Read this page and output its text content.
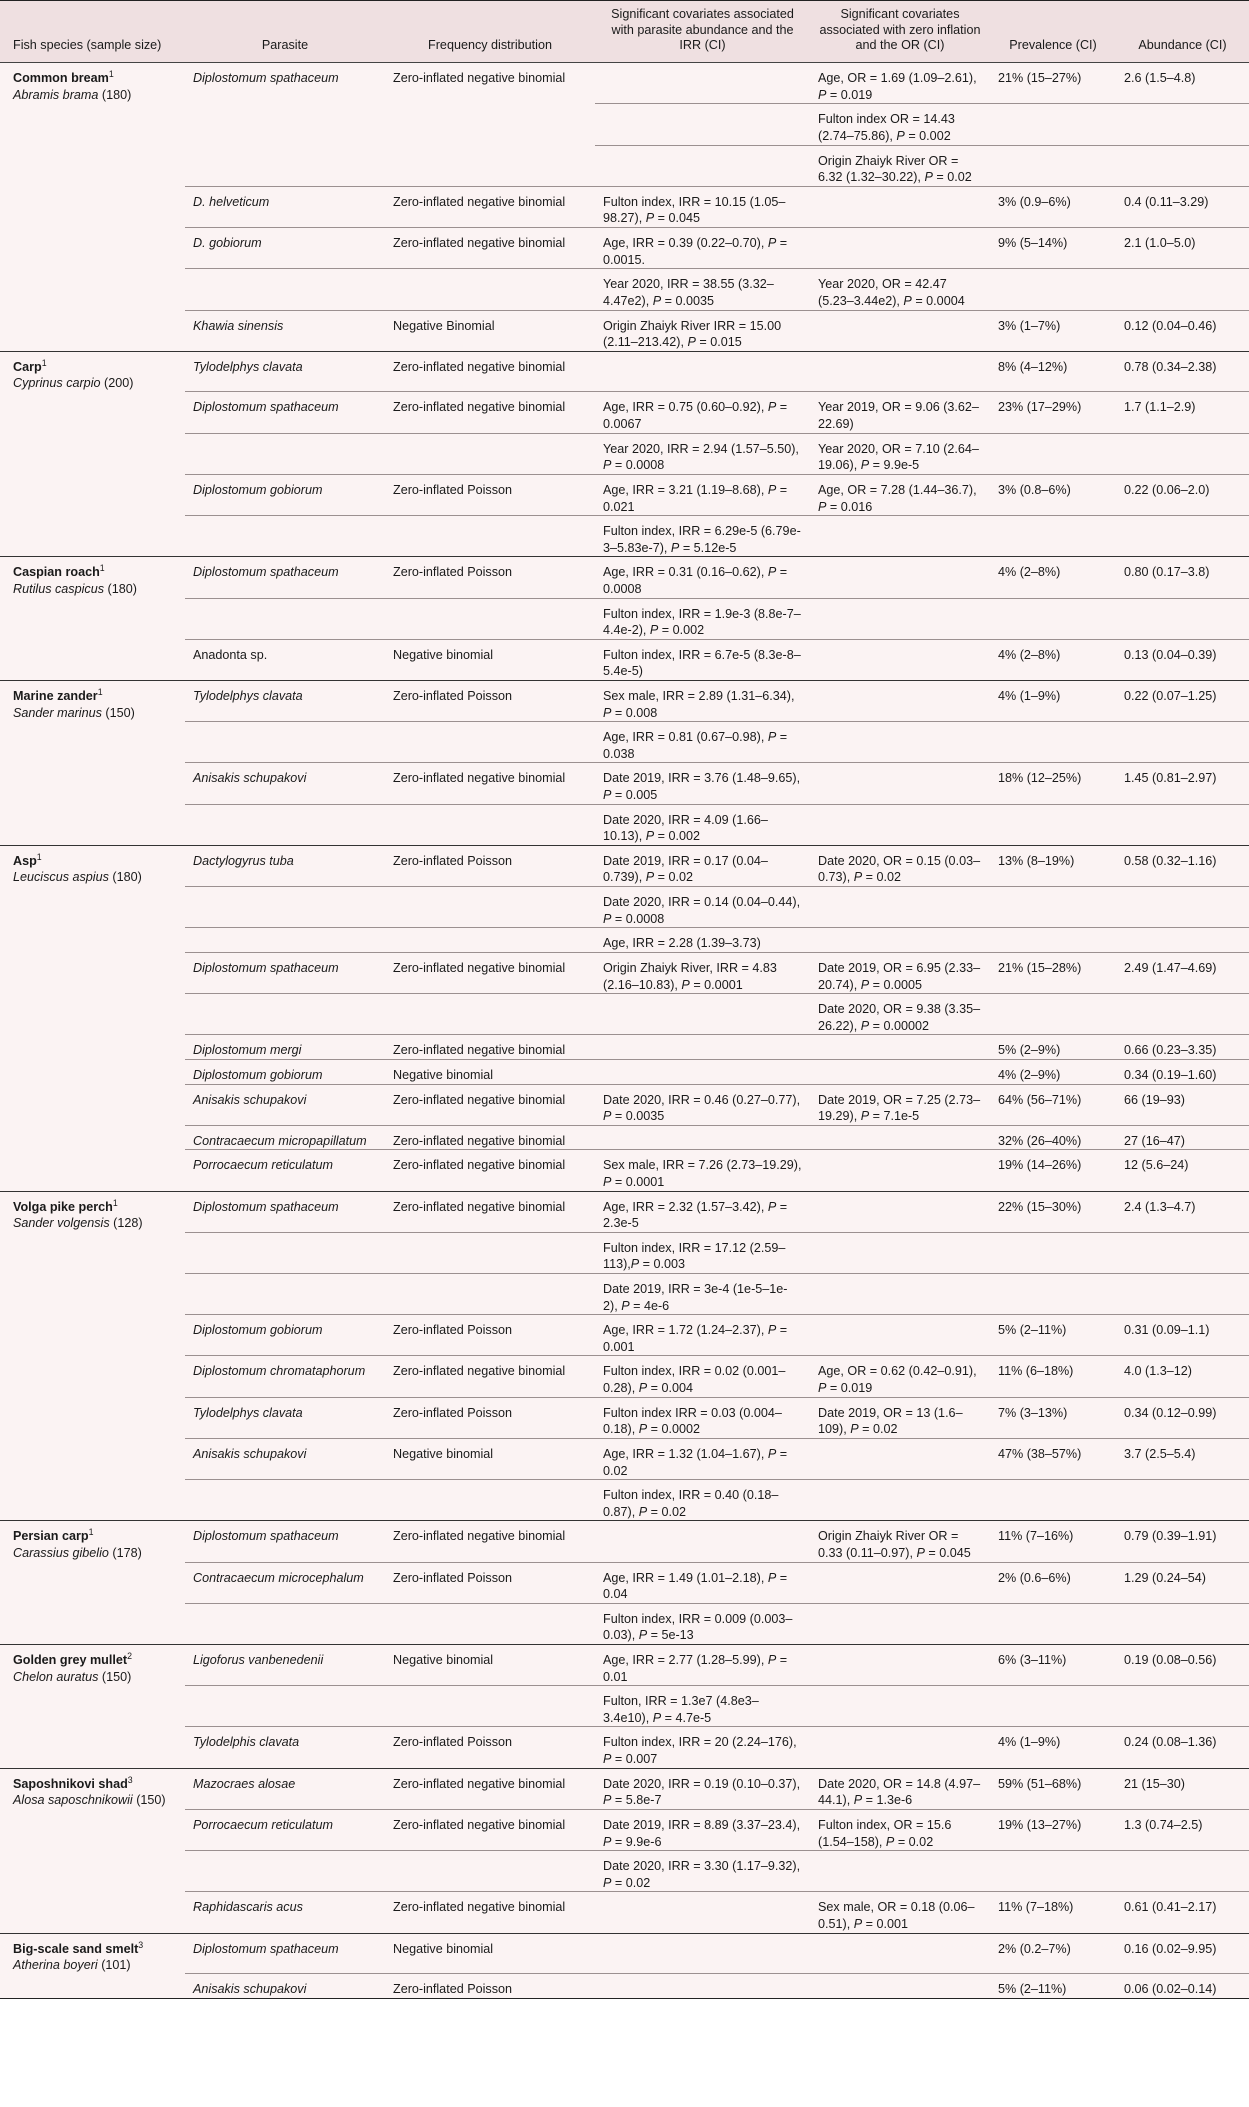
Fish species (sample size)	Parasite	Frequency distribution	Significant covariates associated with parasite abundance and the IRR (CI)	Significant covariates associated with zero inflation and the OR (CI)	Prevalence (CI)	Abundance (CI)
Common bream$^1$
Abramis brama (180)	Diplostomum spathaceum	Zero-inflated negative binomial		Age, OR = 1.69 (1.09–2.61), P = 0.019	21% (15–27%)	2.6 (1.5–4.8)
				Fulton index OR = 14.43 (2.74–75.86), P = 0.002		
				Origin Zhaiyk River OR = 6.32 (1.32–30.22), P = 0.02		
	D. helveticum	Zero-inflated negative binomial	Fulton index, IRR = 10.15 (1.05–98.27), P = 0.045		3% (0.9–6%)	0.4 (0.11–3.29)
	D. gobiorum	Zero-inflated negative binomial	Age, IRR = 0.39 (0.22–0.70), P = 0.0015.		9% (5–14%)	2.1 (1.0–5.0)
			Year 2020, IRR = 38.55 (3.32–4.47e2), P = 0.0035	Year 2020, OR = 42.47 (5.23–3.44e2), P = 0.0004		
	Khawia sinensis	Negative Binomial	Origin Zhaiyk River IRR = 15.00 (2.11–213.42), P = 0.015		3% (1–7%)	0.12 (0.04–0.46)
Carp$^1$
Cyprinus carpio (200)	Tylodelphys clavata	Zero-inflated negative binomial			8% (4–12%)	0.78 (0.34–2.38)
	Diplostomum spathaceum	Zero-inflated negative binomial	Age, IRR = 0.75 (0.60–0.92), P = 0.0067	Year 2019, OR = 9.06 (3.62–22.69)	23% (17–29%)	1.7 (1.1–2.9)
			Year 2020, IRR = 2.94 (1.57–5.50), P = 0.0008	Year 2020, OR = 7.10 (2.64–19.06), P = 9.9e-5		
	Diplostomum gobiorum	Zero-inflated Poisson	Age, IRR = 3.21 (1.19–8.68), P = 0.021	Age, OR = 7.28 (1.44–36.7), P = 0.016	3% (0.8–6%)	0.22 (0.06–2.0)
			Fulton index, IRR = 6.29e-5 (6.79e-3–5.83e-7), P = 5.12e-5			
Caspian roach$^1$
Rutilus caspicus (180)	Diplostomum spathaceum	Zero-inflated Poisson	Age, IRR = 0.31 (0.16–0.62), P = 0.0008		4% (2–8%)	0.80 (0.17–3.8)
			Fulton index, IRR = 1.9e-3 (8.8e-7–4.4e-2), P = 0.002			
	Anadonta sp.	Negative binomial	Fulton index, IRR = 6.7e-5 (8.3e-8–5.4e-5)		4% (2–8%)	0.13 (0.04–0.39)
Marine zander$^1$
Sander marinus (150)	Tylodelphys clavata	Zero-inflated Poisson	Sex male, IRR = 2.89 (1.31–6.34), P = 0.008		4% (1–9%)	0.22 (0.07–1.25)
			Age, IRR = 0.81 (0.67–0.98), P = 0.038			
	Anisakis schupakovi	Zero-inflated negative binomial	Date 2019, IRR = 3.76 (1.48–9.65), P = 0.005		18% (12–25%)	1.45 (0.81–2.97)
			Date 2020, IRR = 4.09 (1.66–10.13), P = 0.002			
Asp$^1$
Leuciscus aspius (180)	Dactylogyrus tuba	Zero-inflated Poisson	Date 2019, IRR = 0.17 (0.04–0.739), P = 0.02	Date 2020, OR = 0.15 (0.03–0.73), P = 0.02	13% (8–19%)	0.58 (0.32–1.16)
			Date 2020, IRR = 0.14 (0.04–0.44), P = 0.0008			
			Age, IRR = 2.28 (1.39–3.73)			
	Diplostomum spathaceum	Zero-inflated negative binomial	Origin Zhaiyk River, IRR = 4.83 (2.16–10.83), P = 0.0001	Date 2019, OR = 6.95 (2.33–20.74), P = 0.0005	21% (15–28%)	2.49 (1.47–4.69)
				Date 2020, OR = 9.38 (3.35–26.22), P = 0.00002		
	Diplostomum mergi	Zero-inflated negative binomial			5% (2–9%)	0.66 (0.23–3.35)
	Diplostomum gobiorum	Negative binomial			4% (2–9%)	0.34 (0.19–1.60)
	Anisakis schupakovi	Zero-inflated negative binomial	Date 2020, IRR = 0.46 (0.27–0.77), P = 0.0035	Date 2019, OR = 7.25 (2.73–19.29), P = 7.1e-5	64% (56–71%)	66 (19–93)
	Contracaecum micropapillatum	Zero-inflated negative binomial			32% (26–40%)	27 (16–47)
	Porrocaecum reticulatum	Zero-inflated negative binomial	Sex male, IRR = 7.26 (2.73–19.29), P = 0.0001		19% (14–26%)	12 (5.6–24)
Volga pike perch$^1$
Sander volgensis (128)	Diplostomum spathaceum	Zero-inflated negative binomial	Age, IRR = 2.32 (1.57–3.42), P = 2.3e-5		22% (15–30%)	2.4 (1.3–4.7)
			Fulton index, IRR = 17.12 (2.59–113),P = 0.003			
			Date 2019, IRR = 3e-4 (1e-5–1e-2), P = 4e-6			
	Diplostomum gobiorum	Zero-inflated Poisson	Age, IRR = 1.72 (1.24–2.37), P = 0.001		5% (2–11%)	0.31 (0.09–1.1)
	Diplostomum chromataphorum	Zero-inflated negative binomial	Fulton index, IRR = 0.02 (0.001–0.28), P = 0.004	Age, OR = 0.62 (0.42–0.91), P = 0.019	11% (6–18%)	4.0 (1.3–12)
	Tylodelphys clavata	Zero-inflated Poisson	Fulton index IRR = 0.03 (0.004–0.18), P = 0.0002	Date 2019, OR = 13 (1.6–109), P = 0.02	7% (3–13%)	0.34 (0.12–0.99)
	Anisakis schupakovi	Negative binomial	Age, IRR = 1.32 (1.04–1.67), P = 0.02		47% (38–57%)	3.7 (2.5–5.4)
			Fulton index, IRR = 0.40 (0.18–0.87), P = 0.02			
Persian carp$^1$
Carassius gibelio (178)	Diplostomum spathaceum	Zero-inflated negative binomial		Origin Zhaiyk River OR = 0.33 (0.11–0.97), P = 0.045	11% (7–16%)	0.79 (0.39–1.91)
	Contracaecum microcephalum	Zero-inflated Poisson	Age, IRR = 1.49 (1.01–2.18), P = 0.04		2% (0.6–6%)	1.29 (0.24–54)
			Fulton index, IRR = 0.009 (0.003–0.03), P = 5e-13			
Golden grey mullet$^2$
Chelon auratus (150)	Ligoforus vanbenedenii	Negative binomial	Age, IRR = 2.77 (1.28–5.99), P = 0.01		6% (3–11%)	0.19 (0.08–0.56)
			Fulton, IRR = 1.3e7 (4.8e3–3.4e10), P = 4.7e-5			
	Tylodelphis clavata	Zero-inflated Poisson	Fulton index, IRR = 20 (2.24–176), P = 0.007		4% (1–9%)	0.24 (0.08–1.36)
Saposhnikovi shad$^3$
Alosa saposchnikowii (150)	Mazocraes alosae	Zero-inflated negative binomial	Date 2020, IRR = 0.19 (0.10–0.37), P = 5.8e-7	Date 2020, OR = 14.8 (4.97–44.1), P = 1.3e-6	59% (51–68%)	21 (15–30)
	Porrocaecum reticulatum	Zero-inflated negative binomial	Date 2019, IRR = 8.89 (3.37–23.4), P = 9.9e-6	Fulton index, OR = 15.6 (1.54–158), P = 0.02	19% (13–27%)	1.3 (0.74–2.5)
			Date 2020, IRR = 3.30 (1.17–9.32), P = 0.02			
	Raphidascaris acus	Zero-inflated negative binomial		Sex male, OR = 0.18 (0.06–0.51), P = 0.001	11% (7–18%)	0.61 (0.41–2.17)
Big-scale sand smelt$^3$
Atherina boyeri (101)	Diplostomum spathaceum	Negative binomial			2% (0.2–7%)	0.16 (0.02–9.95)
	Anisakis schupakovi	Zero-inflated Poisson			5% (2–11%)	0.06 (0.02–0.14)
